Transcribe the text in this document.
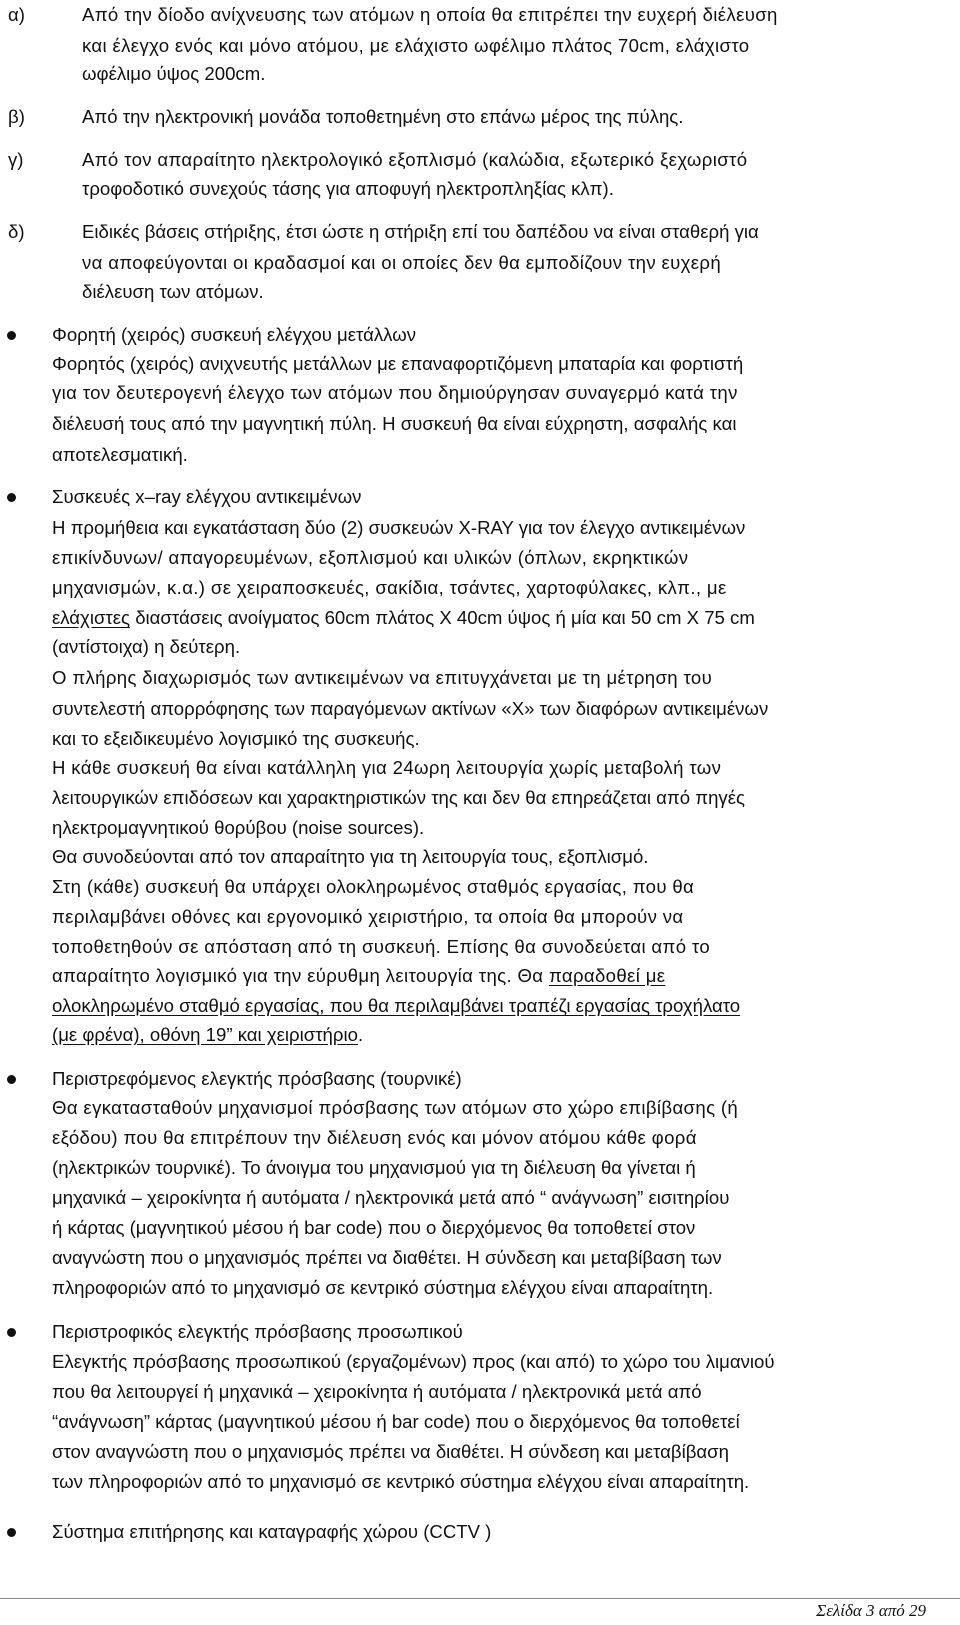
α)	Από την δίοδο ανίχνευσης των ατόμων η οποία θα επιτρέπει την ευχερή διέλευση
και έλεγχο ενός και μόνο ατόμου, με ελάχιστο ωφέλιμο πλάτος 70cm, ελάχιστο
ωφέλιμο ύψος 200cm.
β)	Από την ηλεκτρονική μονάδα τοποθετημένη στο επάνω μέρος της πύλης.
γ)	Από τον απαραίτητο ηλεκτρολογικό εξοπλισμό (καλώδια, εξωτερικό ξεχωριστό
τροφοδοτικό συνεχούς τάσης για αποφυγή ηλεκτροπληξίας κλπ).
δ)	Ειδικές βάσεις στήριξης, έτσι ώστε η στήριξη επί του δαπέδου να είναι σταθερή για
να αποφεύγονται οι κραδασμοί και οι οποίες δεν θα εμποδίζουν την ευχερή
διέλευση των ατόμων.
Φορητή (χειρός) συσκευή ελέγχου μετάλλων
Φορητός (χειρός) ανιχνευτής μετάλλων με επαναφορτιζόμενη μπαταρία και φορτιστή
για τον δευτερογενή έλεγχο των ατόμων που δημιούργησαν συναγερμό κατά την
διέλευσή τους από την μαγνητική πύλη. Η συσκευή θα είναι εύχρηστη, ασφαλής και
αποτελεσματική.
Συσκευές x–ray ελέγχου αντικειμένων
Η προμήθεια και εγκατάσταση δύο (2) συσκευών X-RAY για τον έλεγχο αντικειμένων
επικίνδυνων/ απαγορευμένων, εξοπλισμού και υλικών (όπλων, εκρηκτικών
μηχανισμών, κ.α.) σε χειραποσκευές, σακίδια, τσάντες, χαρτοφύλακες, κλπ., με
ελάχιστες διαστάσεις ανοίγματος 60cm πλάτος Χ 40cm ύψος ή μία και 50 cm X 75 cm
(αντίστοιχα) η δεύτερη.
Ο πλήρης διαχωρισμός των αντικειμένων να επιτυγχάνεται με τη μέτρηση του
συντελεστή απορρόφησης των παραγόμενων ακτίνων «Χ» των διαφόρων αντικειμένων
και το εξειδικευμένο λογισμικό της συσκευής.
Η κάθε συσκευή θα είναι κατάλληλη για 24ωρη λειτουργία χωρίς μεταβολή των
λειτουργικών επιδόσεων και χαρακτηριστικών της και δεν θα επηρεάζεται από πηγές
ηλεκτρομαγνητικού θορύβου (noise sources).
Θα συνοδεύονται από τον απαραίτητο για τη λειτουργία τους, εξοπλισμό.
Στη (κάθε) συσκευή θα υπάρχει ολοκληρωμένος σταθμός εργασίας, που θα
περιλαμβάνει οθόνες και εργονομικό χειριστήριο, τα οποία θα μπορούν να
τοποθετηθούν σε απόσταση από τη συσκευή. Επίσης θα συνοδεύεται από το
απαραίτητο λογισμικό για την εύρυθμη λειτουργία της. Θα παραδοθεί με
ολοκληρωμένο σταθμό εργασίας, που θα περιλαμβάνει τραπέζι εργασίας τροχήλατο
(με φρένα), οθόνη 19” και χειριστήριο.
Περιστρεφόμενος ελεγκτής πρόσβασης (τουρνικέ)
Θα εγκατασταθούν μηχανισμοί πρόσβασης των ατόμων στο χώρο επιβίβασης (ή
εξόδου) που θα επιτρέπουν την διέλευση ενός και μόνον ατόμου κάθε φορά
(ηλεκτρικών τουρνικέ). Το άνοιγμα του μηχανισμού για τη διέλευση θα γίνεται ή
μηχανικά – χειροκίνητα ή αυτόματα / ηλεκτρονικά μετά από “ ανάγνωση” εισιτηρίου
ή κάρτας (μαγνητικού μέσου ή bar code) που ο διερχόμενος θα τοποθετεί στον
αναγνώστη που ο μηχανισμός πρέπει να διαθέτει. Η σύνδεση και μεταβίβαση των
πληροφοριών από το μηχανισμό σε κεντρικό σύστημα ελέγχου είναι απαραίτητη.
Περιστροφικός ελεγκτής πρόσβασης προσωπικού
Ελεγκτής πρόσβασης προσωπικού (εργαζομένων) προς (και από) το χώρο του λιμανιού
που θα λειτουργεί ή μηχανικά – χειροκίνητα ή αυτόματα / ηλεκτρονικά μετά από
“ανάγνωση” κάρτας (μαγνητικού μέσου ή bar code) που ο διερχόμενος θα τοποθετεί
στον αναγνώστη που ο μηχανισμός πρέπει να διαθέτει. Η σύνδεση και μεταβίβαση
των πληροφοριών από το μηχανισμό σε κεντρικό σύστημα ελέγχου είναι απαραίτητη.
Σύστημα επιτήρησης και καταγραφής χώρου (CCTV )
Σελίδα 3 από 29
